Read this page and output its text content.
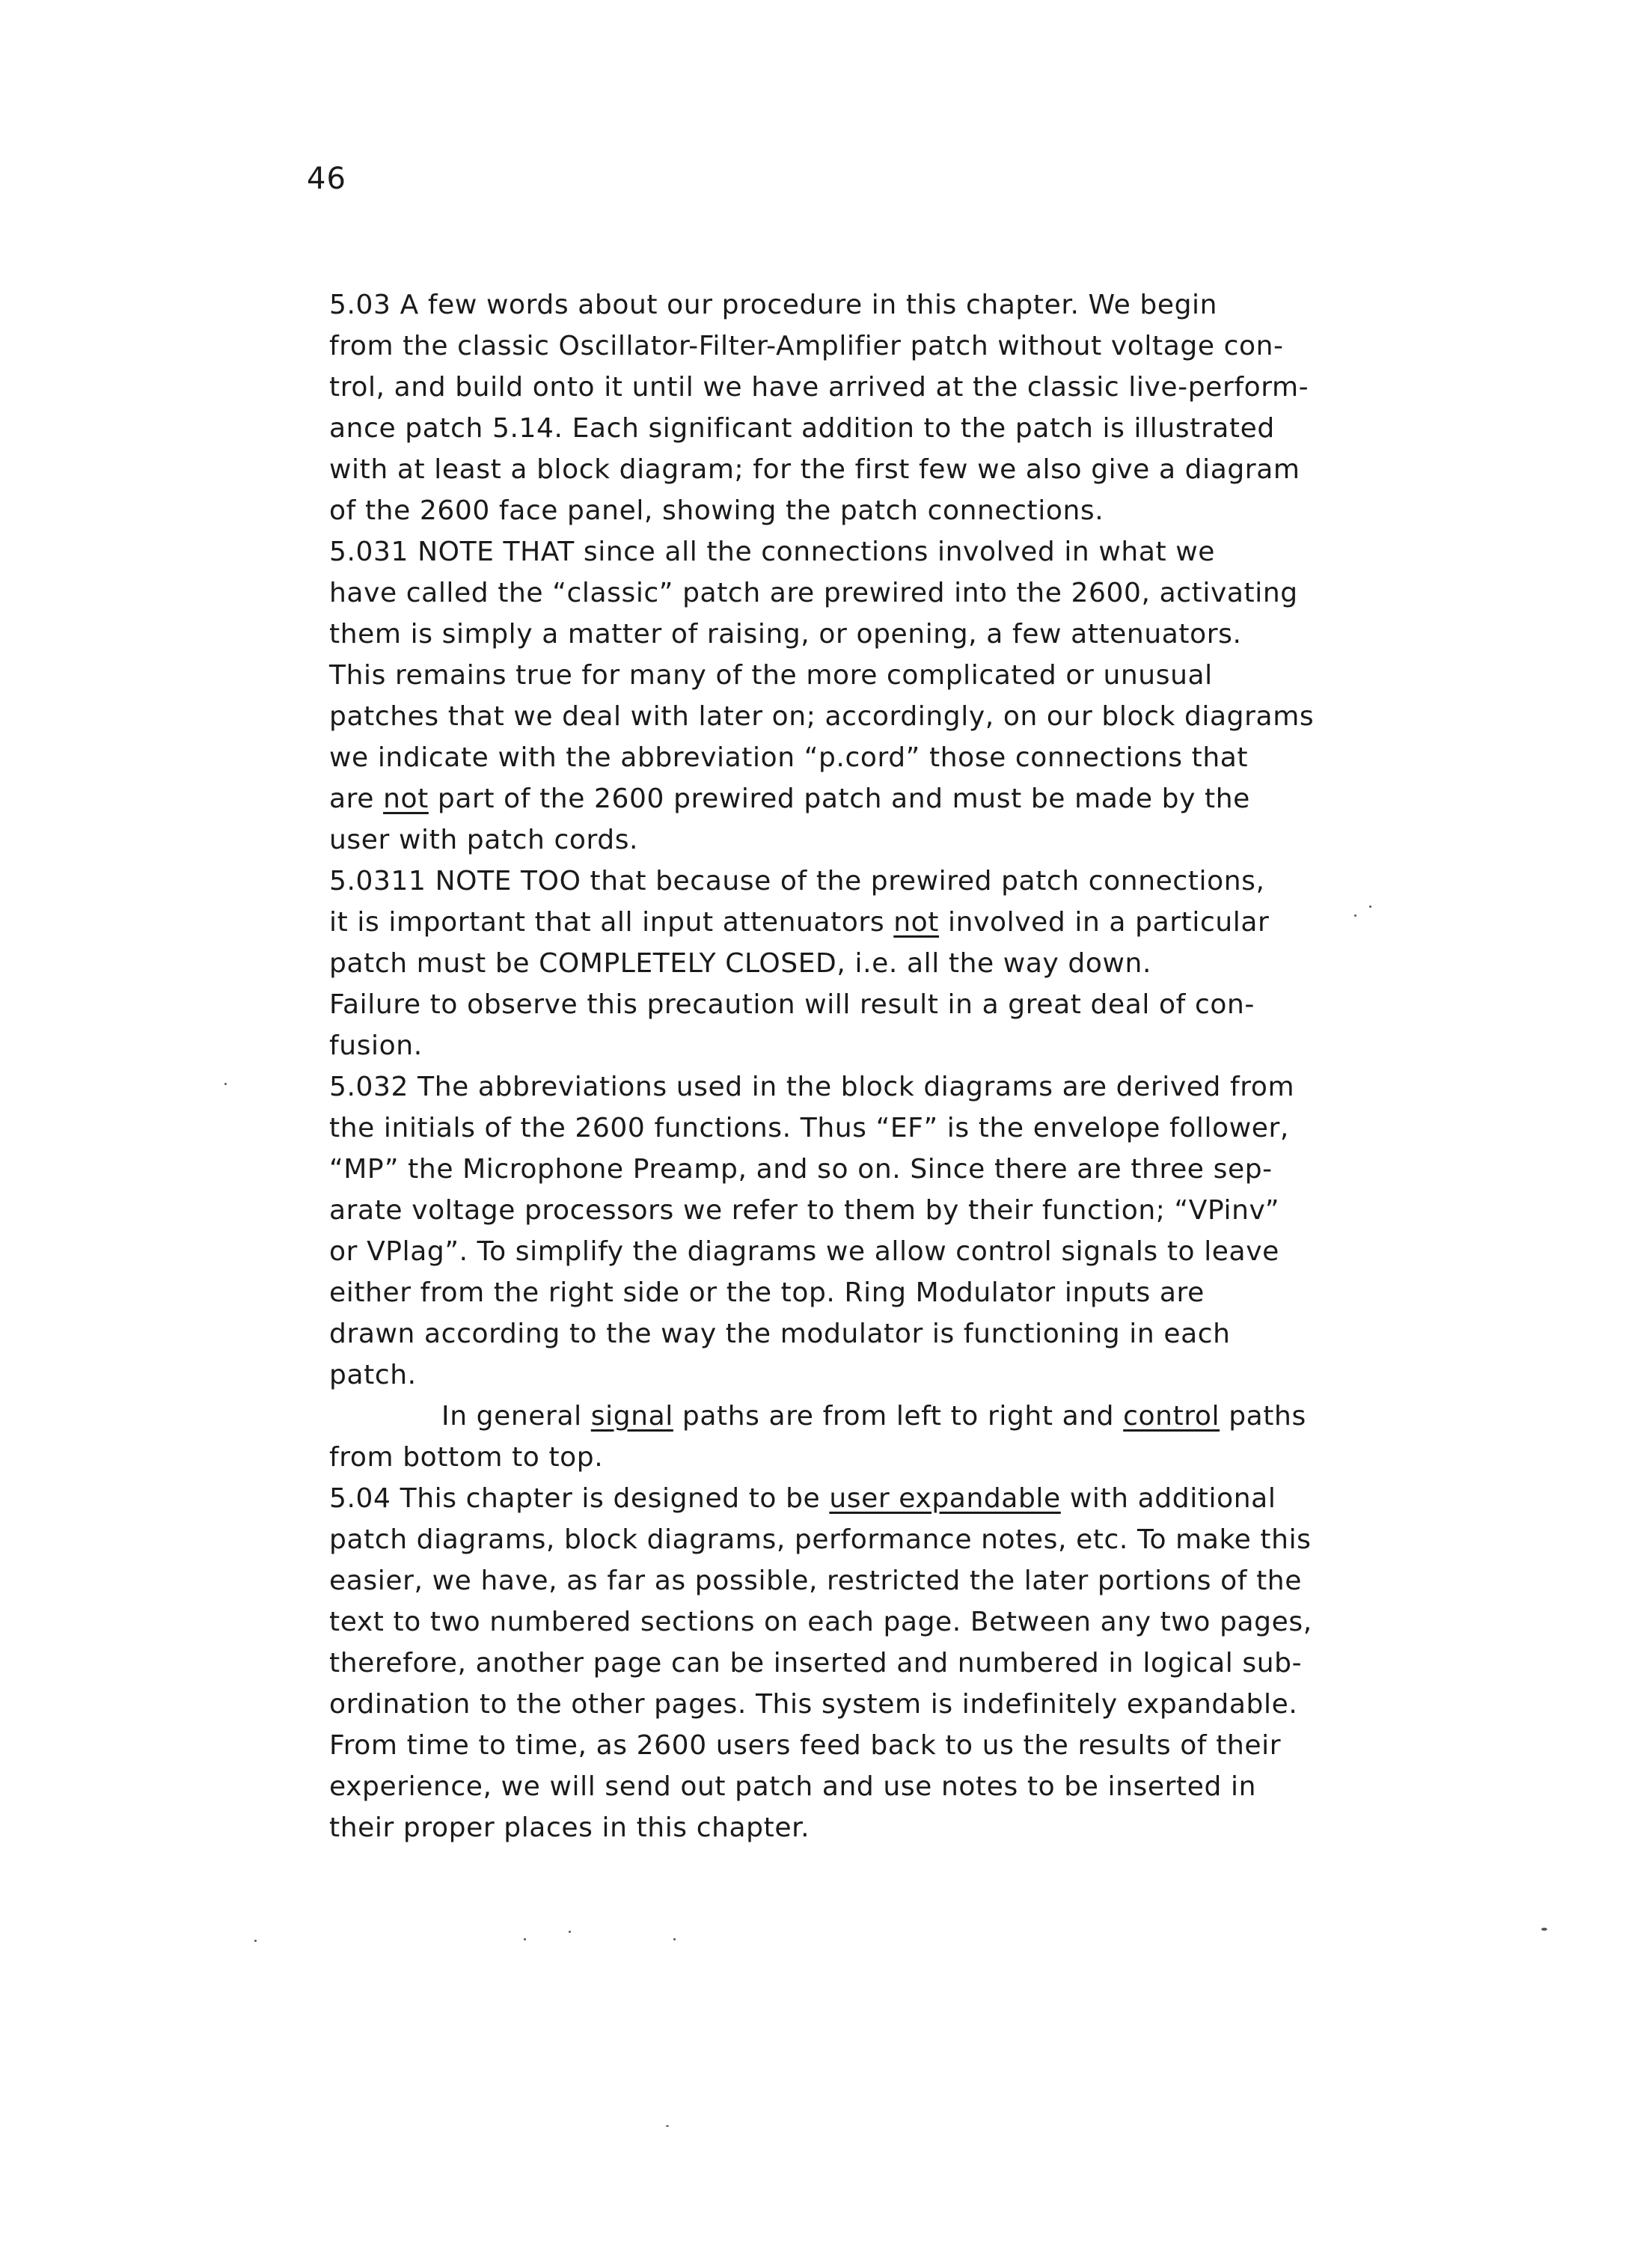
46
5.03 A few words about our procedure in this chapter. We begin
from the classic Oscillator-Filter-Amplifier patch without voltage con-
trol, and build onto it until we have arrived at the classic live-perform-
ance patch 5.14. Each significant addition to the patch is illustrated
with at least a block diagram; for the first few we also give a diagram
of the 2600 face panel, showing the patch connections.
5.031 NOTE THAT since all the connections involved in what we
have called the “classic” patch are prewired into the 2600, activating
them is simply a matter of raising, or opening, a few attenuators.
This remains true for many of the more complicated or unusual
patches that we deal with later on; accordingly, on our block diagrams
we indicate with the abbreviation “p.cord” those connections that
are not part of the 2600 prewired patch and must be made by the
user with patch cords.
5.0311 NOTE TOO that because of the prewired patch connections,
it is important that all input attenuators not involved in a particular
patch must be COMPLETELY CLOSED, i.e. all the way down.
Failure to observe this precaution will result in a great deal of con-
fusion.
5.032 The abbreviations used in the block diagrams are derived from
the initials of the 2600 functions. Thus “EF” is the envelope follower,
“MP” the Microphone Preamp, and so on. Since there are three sep-
arate voltage processors we refer to them by their function; “VPinv”
or VPlag”. To simplify the diagrams we allow control signals to leave
either from the right side or the top. Ring Modulator inputs are
drawn according to the way the modulator is functioning in each
patch.
In general signal paths are from left to right and control paths
from bottom to top.
5.04 This chapter is designed to be user expandable with additional
patch diagrams, block diagrams, performance notes, etc. To make this
easier, we have, as far as possible, restricted the later portions of the
text to two numbered sections on each page. Between any two pages,
therefore, another page can be inserted and numbered in logical sub-
ordination to the other pages. This system is indefinitely expandable.
From time to time, as 2600 users feed back to us the results of their
experience, we will send out patch and use notes to be inserted in
their proper places in this chapter.
